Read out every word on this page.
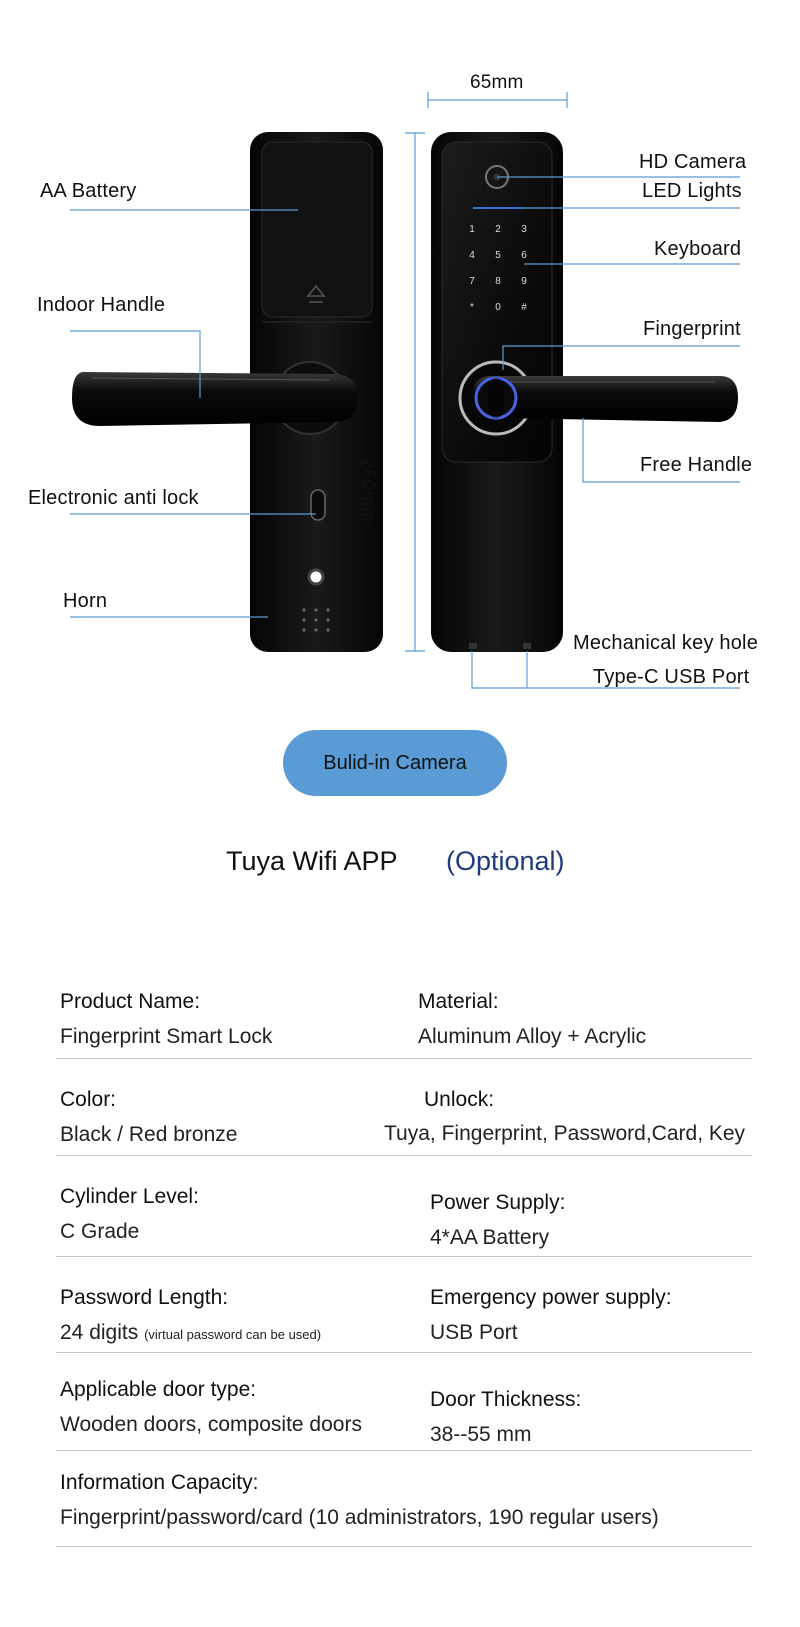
1 2 3
4 5 6
7 8 9
* 0 #
65mm
260mm
AA Battery
Indoor Handle
Electronic anti lock
Horn
HD Camera
LED Lights
Keyboard
Fingerprint
Free Handle
Mechanical key hole
Type-C USB Port
Bulid-in Camera
Tuya Wifi APP (Optional)
Product Name:
Fingerprint Smart Lock
Material:
Aluminum Alloy + Acrylic
Color:
Black / Red bronze
Unlock:
Tuya, Fingerprint, Password,Card, Key
Cylinder Level:
C Grade
Power Supply:
4*AA Battery
Password Length:
24 digits (virtual password can be used)
Emergency power supply:
USB Port
Applicable door type:
Wooden doors, composite doors
Door Thickness:
38--55 mm
Information Capacity:
Fingerprint/password/card (10 administrators, 190 regular users)
